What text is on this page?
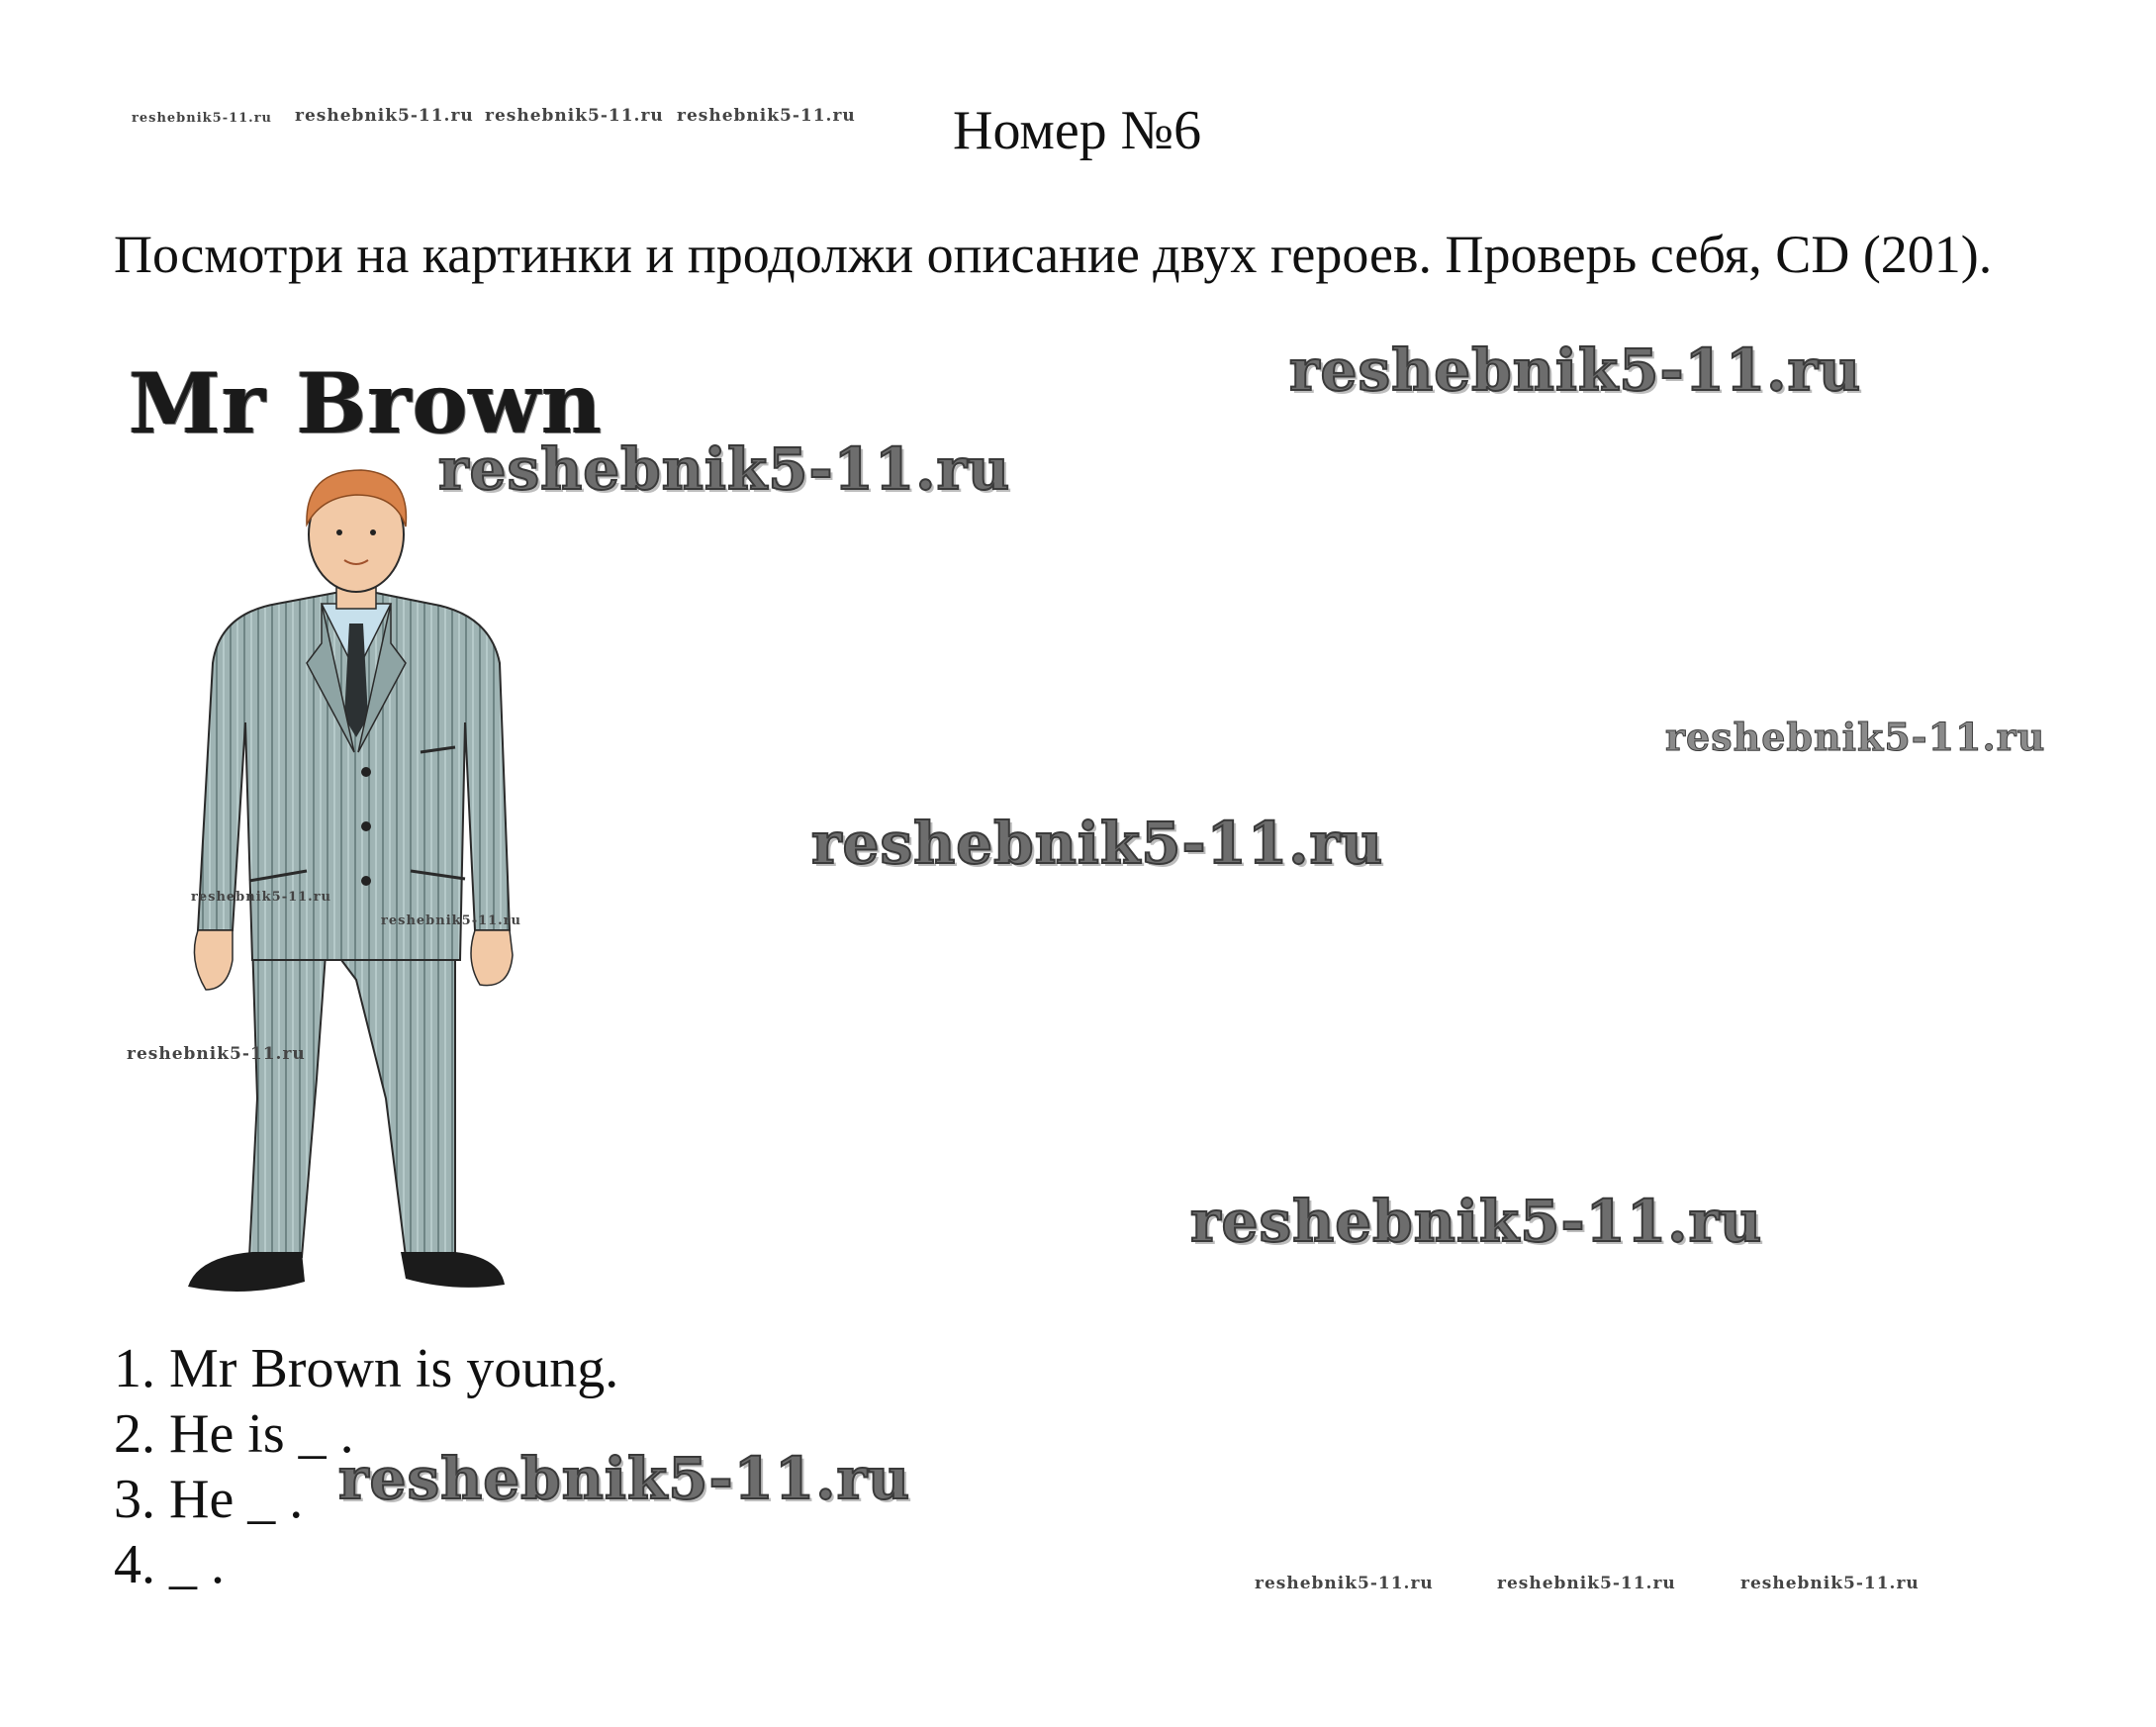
reshebnik5-11.ru reshebnik5-11.ru reshebnik5-11.ru reshebnik5-11.ru Номер №6
Посмотри на картинки и продолжи описание двух героев. Проверь себя, CD (201).
Mr Brown	reshebnik5-11.ru
reshebnik5-11.ru
reshebnik5-11.ru
reshebnik5-11.ru
reshebnik5-11.ru
reshebnik5-11.ru
reshebnik5-11.ru
reshebnik5-11.ru
reshebnik5-11.ru
1. Mr Brown is young.
2. He is _ .
3. He _ .
4. _ .	reshebnik5-11.ru	reshebnik5-11.ru	reshebnik5-11.ru
